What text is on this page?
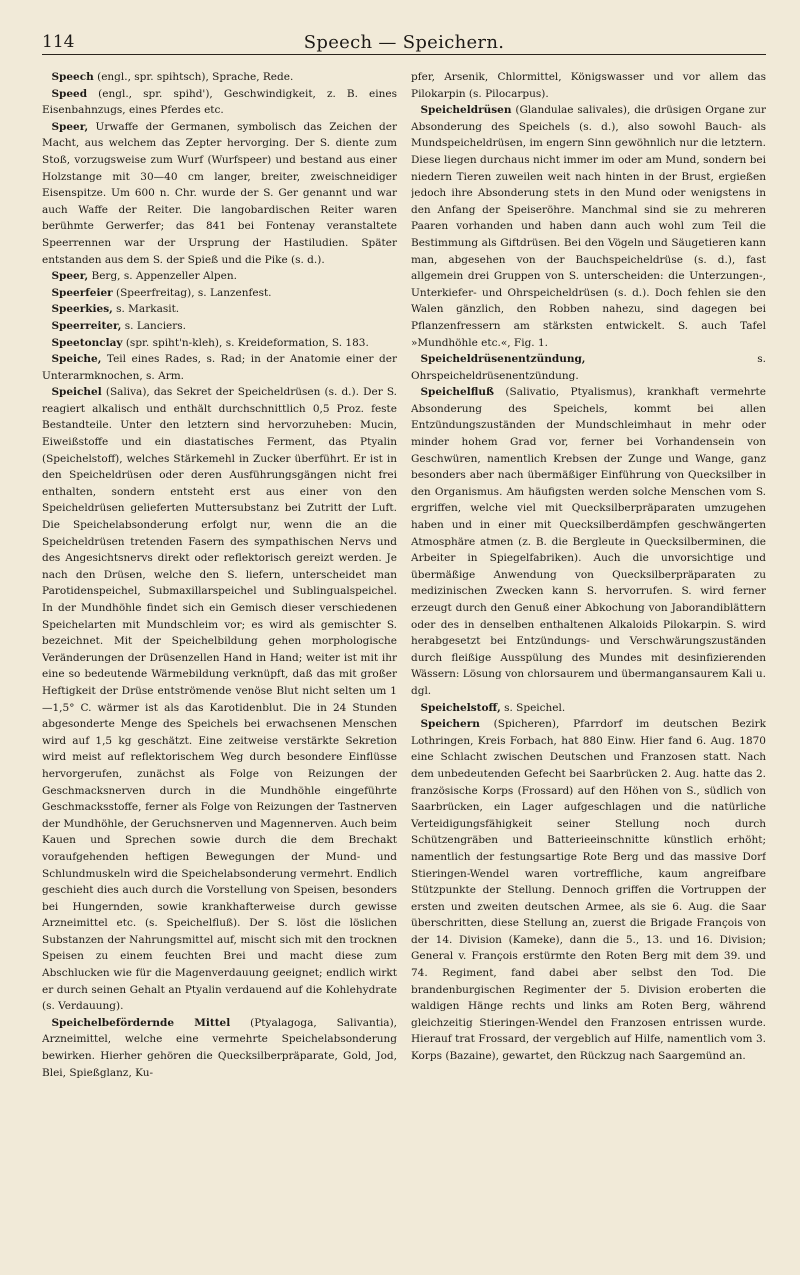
114	Speech — Speichern.

Speech (engl., spr. spihtsch), Sprache, Rede.

Speed (engl., spr. spihd'), Geschwindigkeit, z. B. eines Eisenbahnzugs, eines Pferdes etc.

Speer, Urwaffe der Germanen, symbolisch das Zeichen der Macht, aus welchem das Zepter hervorging. Der S. diente zum Stoß, vorzugsweise zum Wurf (Wurfspeer) und bestand aus einer Holzstange mit 30—40 cm langer, breiter, zweischneidiger Eisenspitze. Um 600 n. Chr. wurde der S. Ger genannt und war auch Waffe der Reiter. Die langobardischen Reiter waren berühmte Gerwerfer; das 841 bei Fontenay veranstaltete Speerrennen war der Ursprung der Hastiludien. Später entstanden aus dem S. der Spieß und die Pike (s. d.).

Speer, Berg, s. Appenzeller Alpen.

Speerfeier (Speerfreitag), s. Lanzenfest.

Speerkies, s. Markasit.

Speerreiter, s. Lanciers.

Speetonclay (spr. spiht'n-kleh), s. Kreideformation, S. 183.

Speiche, Teil eines Rades, s. Rad; in der Anatomie einer der Unterarmknochen, s. Arm.

Speichel (Saliva), das Sekret der Speicheldrüsen (s. d.). Der S. reagiert alkalisch und enthält durchschnittlich 0,5 Proz. feste Bestandteile. Unter den letztern sind hervorzuheben: Mucin, Eiweißstoffe und ein diastatisches Ferment, das Ptyalin (Speichelstoff), welches Stärkemehl in Zucker überführt. Er ist in den Speicheldrüsen oder deren Ausführungsgängen nicht frei enthalten, sondern entsteht erst aus einer von den Speicheldrüsen gelieferten Muttersubstanz bei Zutritt der Luft. Die Speichelabsonderung erfolgt nur, wenn die an die Speicheldrüsen tretenden Fasern des sympathischen Nervs und des Angesichtsnervs direkt oder reflektorisch gereizt werden. Je nach den Drüsen, welche den S. liefern, unterscheidet man Parotidenspeichel, Submaxillarspeichel und Sublingualspeichel. In der Mundhöhle findet sich ein Gemisch dieser verschiedenen Speichelarten mit Mundschleim vor; es wird als gemischter S. bezeichnet. Mit der Speichelbildung gehen morphologische Veränderungen der Drüsenzellen Hand in Hand; weiter ist mit ihr eine so bedeutende Wärmebildung verknüpft, daß das mit großer Heftigkeit der Drüse entströmende venöse Blut nicht selten um 1—1,5° C. wärmer ist als das Karotidenblut. Die in 24 Stunden abgesonderte Menge des Speichels bei erwachsenen Menschen wird auf 1,5 kg geschätzt. Eine zeitweise verstärkte Sekretion wird meist auf reflektorischem Weg durch besondere Einflüsse hervorgerufen, zunächst als Folge von Reizungen der Geschmacksnerven durch in die Mundhöhle eingeführte Geschmacksstoffe, ferner als Folge von Reizungen der Tastnerven der Mundhöhle, der Geruchsnerven und Magennerven. Auch beim Kauen und Sprechen sowie durch die dem Brechakt voraufgehenden heftigen Bewegungen der Mund- und Schlundmuskeln wird die Speichelabsonderung vermehrt. Endlich geschieht dies auch durch die Vorstellung von Speisen, besonders bei Hungernden, sowie krankhafterweise durch gewisse Arzneimittel etc. (s. Speichelfluß). Der S. löst die löslichen Substanzen der Nahrungsmittel auf, mischt sich mit den trocknen Speisen zu einem feuchten Brei und macht diese zum Abschlucken wie für die Magenverdauung geeignet; endlich wirkt er durch seinen Gehalt an Ptyalin verdauend auf die Kohlehydrate (s. Verdauung).

Speichelbefördernde Mittel (Ptyalagoga, Salivantia), Arzneimittel, welche eine vermehrte Speichelabsonderung bewirken. Hierher gehören die Quecksilberpräparate, Gold, Jod, Blei, Spießglanz, Ku-

pfer, Arsenik, Chlormittel, Königswasser und vor allem das Pilokarpin (s. Pilocarpus).

Speicheldrüsen (Glandulae salivales), die drüsigen Organe zur Absonderung des Speichels (s. d.), also sowohl Bauch- als Mundspeicheldrüsen, im engern Sinn gewöhnlich nur die letztern. Diese liegen durchaus nicht immer im oder am Mund, sondern bei niedern Tieren zuweilen weit nach hinten in der Brust, ergießen jedoch ihre Absonderung stets in den Mund oder wenigstens in den Anfang der Speiseröhre. Manchmal sind sie zu mehreren Paaren vorhanden und haben dann auch wohl zum Teil die Bestimmung als Giftdrüsen. Bei den Vögeln und Säugetieren kann man, abgesehen von der Bauchspeicheldrüse (s. d.), fast allgemein drei Gruppen von S. unterscheiden: die Unterzungen-, Unterkiefer- und Ohrspeicheldrüsen (s. d.). Doch fehlen sie den Walen gänzlich, den Robben nahezu, sind dagegen bei Pflanzenfressern am stärksten entwickelt. S. auch Tafel »Mundhöhle etc.«, Fig. 1.

Speicheldrüsenentzündung, s. Ohrspeicheldrüsenentzündung.

Speichelfluß (Salivatio, Ptyalismus), krankhaft vermehrte Absonderung des Speichels, kommt bei allen Entzündungszuständen der Mundschleimhaut in mehr oder minder hohem Grad vor, ferner bei Vorhandensein von Geschwüren, namentlich Krebsen der Zunge und Wange, ganz besonders aber nach übermäßiger Einführung von Quecksilber in den Organismus. Am häufigsten werden solche Menschen vom S. ergriffen, welche viel mit Quecksilberpräparaten umzugehen haben und in einer mit Quecksilberdämpfen geschwängerten Atmosphäre atmen (z. B. die Bergleute in Quecksilberminen, die Arbeiter in Spiegelfabriken). Auch die unvorsichtige und übermäßige Anwendung von Quecksilberpräparaten zu medizinischen Zwecken kann S. hervorrufen. S. wird ferner erzeugt durch den Genuß einer Abkochung von Jaborandiblättern oder des in denselben enthaltenen Alkaloids Pilokarpin. S. wird herabgesetzt bei Entzündungs- und Verschwärungszuständen durch fleißige Ausspülung des Mundes mit desinfizierenden Wässern: Lösung von chlorsaurem und übermangansaurem Kali u. dgl.

Speichelstoff, s. Speichel.

Speichern (Spicheren), Pfarrdorf im deutschen Bezirk Lothringen, Kreis Forbach, hat 880 Einw. Hier fand 6. Aug. 1870 eine Schlacht zwischen Deutschen und Franzosen statt. Nach dem unbedeutenden Gefecht bei Saarbrücken 2. Aug. hatte das 2. französische Korps (Frossard) auf den Höhen von S., südlich von Saarbrücken, ein Lager aufgeschlagen und die natürliche Verteidigungsfähigkeit seiner Stellung noch durch Schützengräben und Batterieeinschnitte künstlich erhöht; namentlich der festungsartige Rote Berg und das massive Dorf Stieringen-Wendel waren vortreffliche, kaum angreifbare Stützpunkte der Stellung. Dennoch griffen die Vortruppen der ersten und zweiten deutschen Armee, als sie 6. Aug. die Saar überschritten, diese Stellung an, zuerst die Brigade François von der 14. Division (Kameke), dann die 5., 13. und 16. Division; General v. François erstürmte den Roten Berg mit dem 39. und 74. Regiment, fand dabei aber selbst den Tod. Die brandenburgischen Regimenter der 5. Division eroberten die waldigen Hänge rechts und links am Roten Berg, während gleichzeitig Stieringen-Wendel den Franzosen entrissen wurde. Hierauf trat Frossard, der vergeblich auf Hilfe, namentlich vom 3. Korps (Bazaine), gewartet, den Rückzug nach Saargemünd an.
